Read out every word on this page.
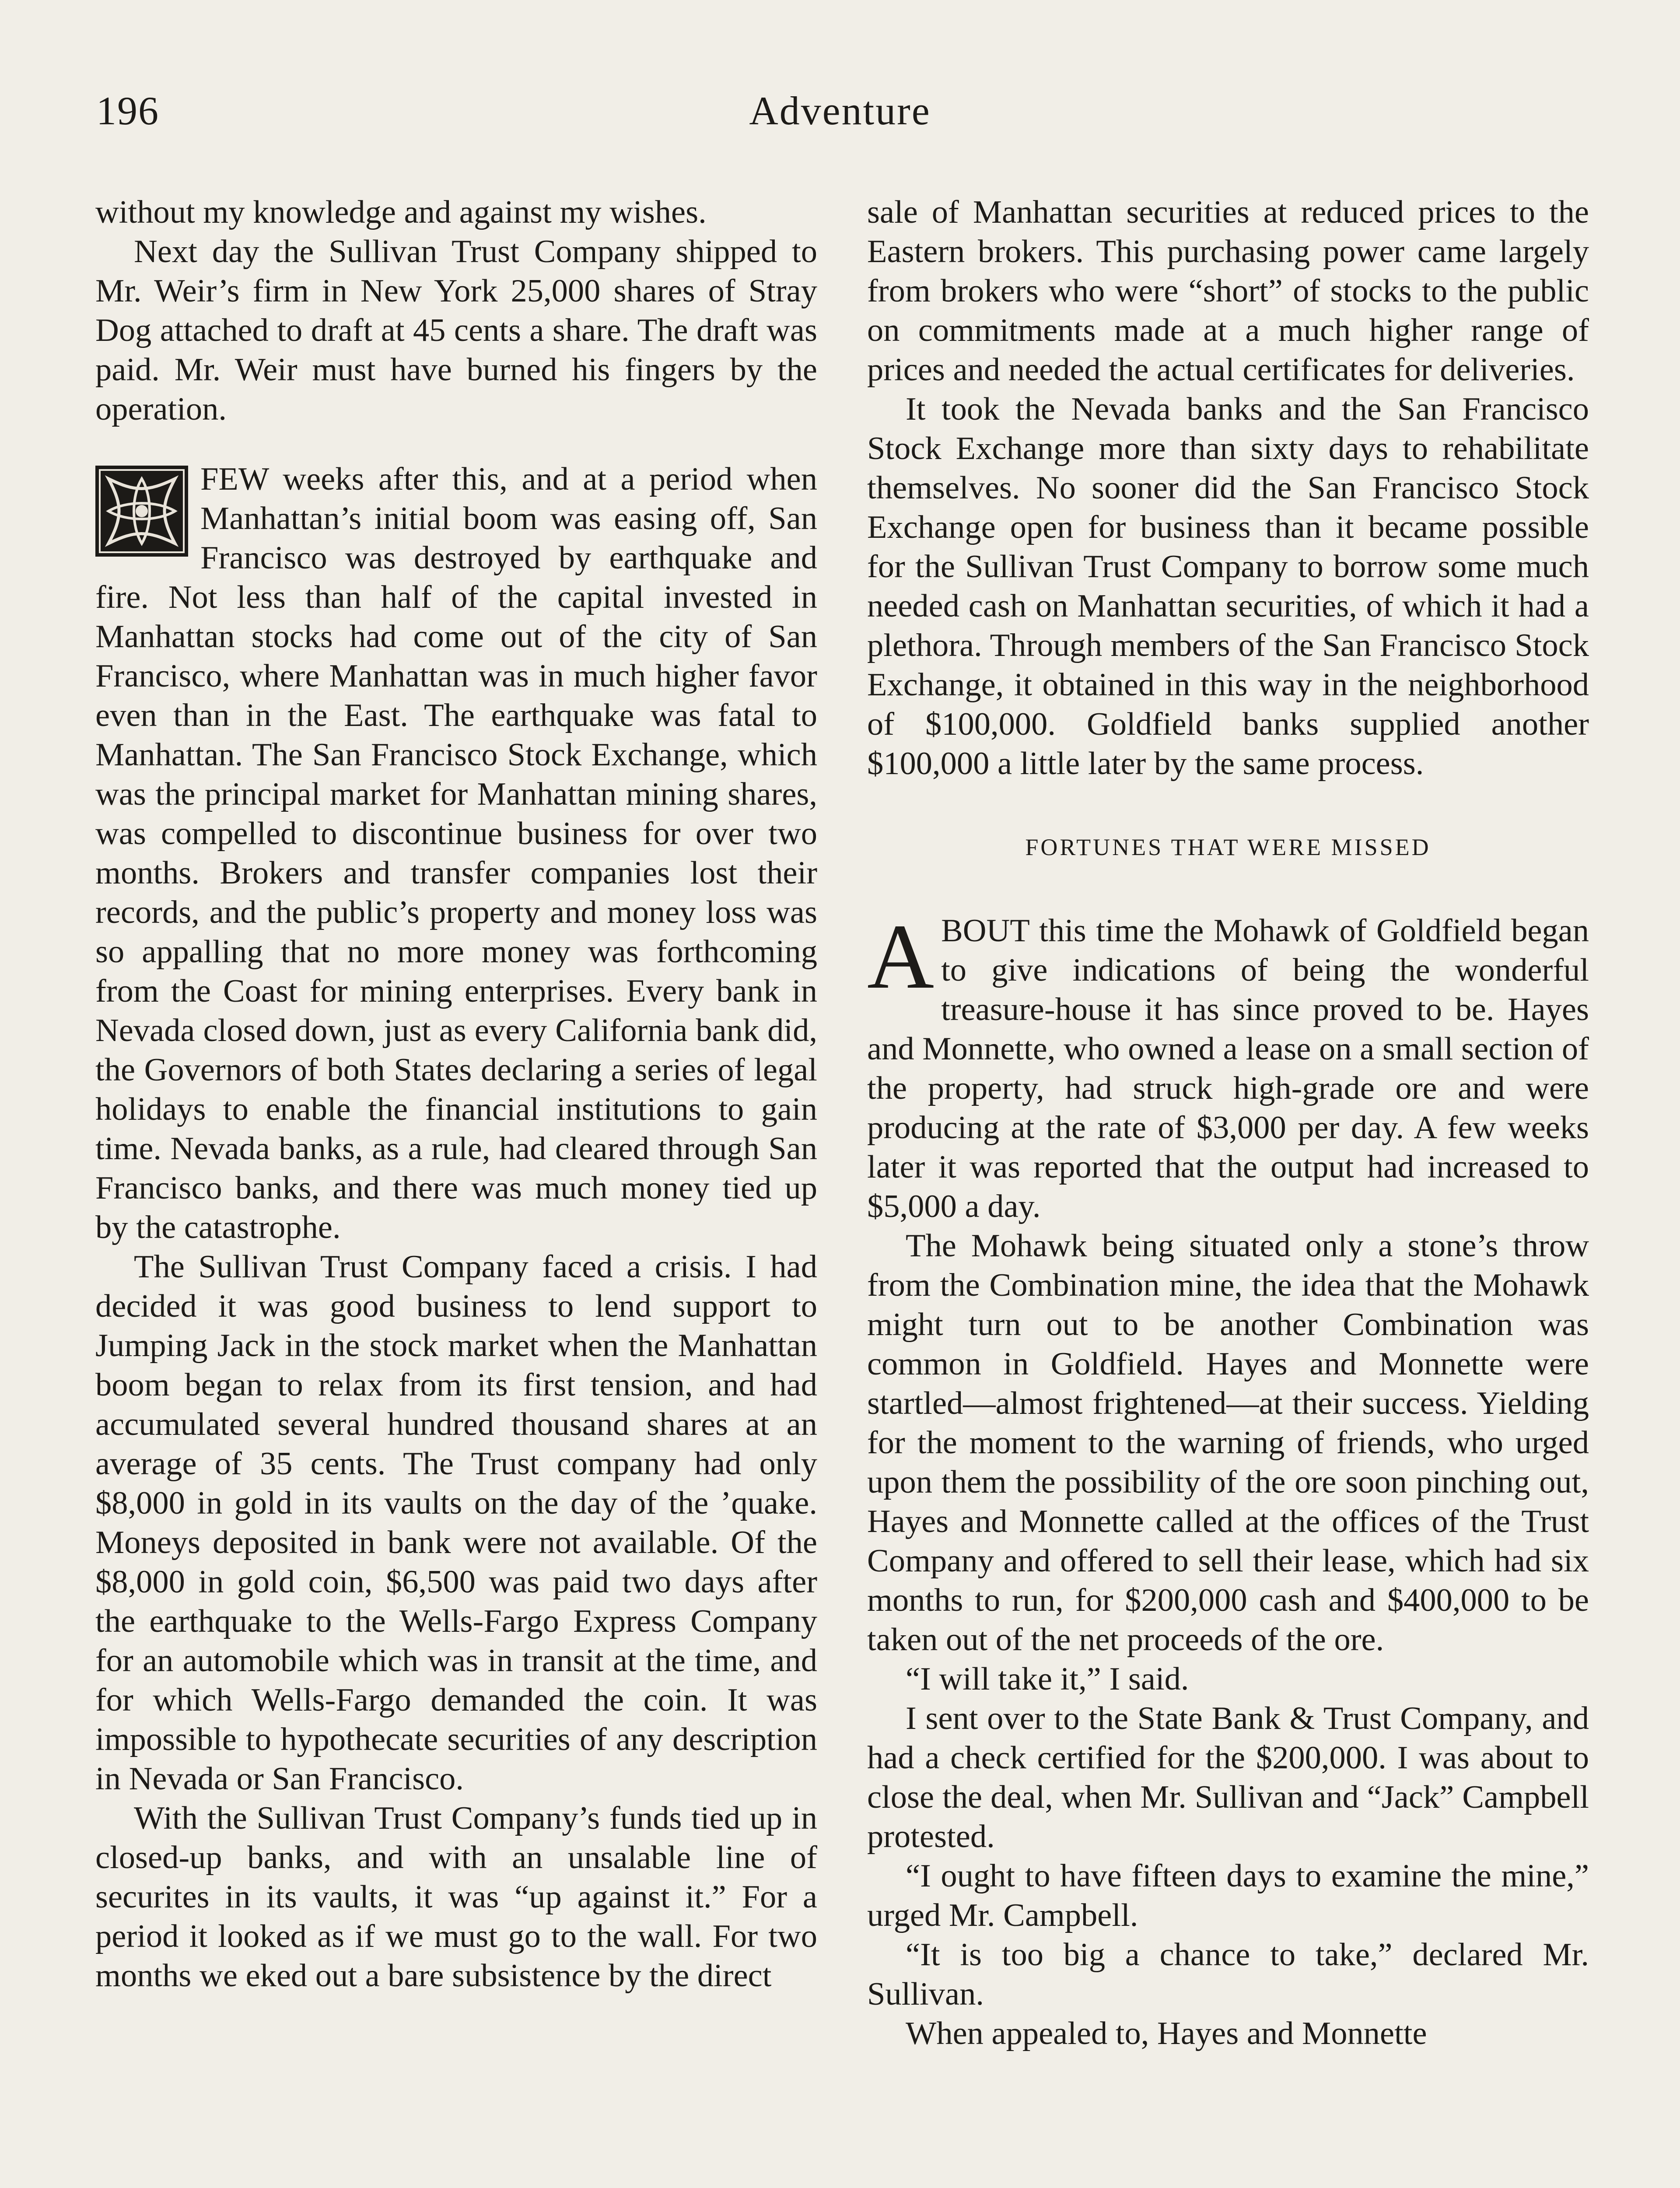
196	Adventure

without my knowledge and against my wishes.

Next day the Sullivan Trust Company shipped to Mr. Weir’s firm in New York 25,000 shares of Stray Dog attached to draft at 45 cents a share. The draft was paid. Mr. Weir must have burned his fingers by the operation.

FEW weeks after this, and at a period when Manhattan’s initial boom was easing off, San Francisco was destroyed by earthquake and fire. Not less than half of the capital invested in Manhattan stocks had come out of the city of San Francisco, where Manhattan was in much higher favor even than in the East. The earthquake was fatal to Manhattan. The San Francisco Stock Exchange, which was the principal market for Manhattan mining shares, was compelled to discontinue business for over two months. Brokers and transfer companies lost their records, and the public’s property and money loss was so appalling that no more money was forthcoming from the Coast for mining enterprises. Every bank in Nevada closed down, just as every California bank did, the Governors of both States declaring a series of legal holidays to enable the financial institutions to gain time. Nevada banks, as a rule, had cleared through San Francisco banks, and there was much money tied up by the catastrophe.

The Sullivan Trust Company faced a crisis. I had decided it was good business to lend support to Jumping Jack in the stock market when the Manhattan boom began to relax from its first tension, and had accumulated several hundred thousand shares at an average of 35 cents. The Trust company had only $8,000 in gold in its vaults on the day of the ’quake. Moneys deposited in bank were not available. Of the $8,000 in gold coin, $6,500 was paid two days after the earthquake to the Wells-Fargo Express Company for an automobile which was in transit at the time, and for which Wells-Fargo demanded the coin. It was impossible to hypothecate securities of any description in Nevada or San Francisco.

With the Sullivan Trust Company’s funds tied up in closed-up banks, and with an unsalable line of securites in its vaults, it was “up against it.” For a period it looked as if we must go to the wall. For two months we eked out a bare subsistence by the direct

sale of Manhattan securities at reduced prices to the Eastern brokers. This purchasing power came largely from brokers who were “short” of stocks to the public on commitments made at a much higher range of prices and needed the actual certificates for deliveries.

It took the Nevada banks and the San Francisco Stock Exchange more than sixty days to rehabilitate themselves. No sooner did the San Francisco Stock Exchange open for business than it became possible for the Sullivan Trust Company to borrow some much needed cash on Manhattan securities, of which it had a plethora. Through members of the San Francisco Stock Exchange, it obtained in this way in the neighborhood of $100,000. Goldfield banks supplied another $100,000 a little later by the same process.

FORTUNES THAT WERE MISSED
A BOUT this time the Mohawk of Goldfield began to give indications of being the wonderful treasure-house it has since proved to be. Hayes and Monnette, who owned a lease on a small section of the property, had struck high-grade ore and were producing at the rate of $3,000 per day. A few weeks later it was reported that the output had increased to $5,000 a day.

The Mohawk being situated only a stone’s throw from the Combination mine, the idea that the Mohawk might turn out to be another Combination was common in Goldfield. Hayes and Monnette were startled—almost frightened—at their success. Yielding for the moment to the warning of friends, who urged upon them the possibility of the ore soon pinching out, Hayes and Monnette called at the offices of the Trust Company and offered to sell their lease, which had six months to run, for $200,000 cash and $400,000 to be taken out of the net proceeds of the ore.

“I will take it,” I said.

I sent over to the State Bank & Trust Company, and had a check certified for the $200,000. I was about to close the deal, when Mr. Sullivan and “Jack” Campbell protested.

“I ought to have fifteen days to examine the mine,” urged Mr. Campbell.

“It is too big a chance to take,” declared Mr. Sullivan.

When appealed to, Hayes and Monnette
